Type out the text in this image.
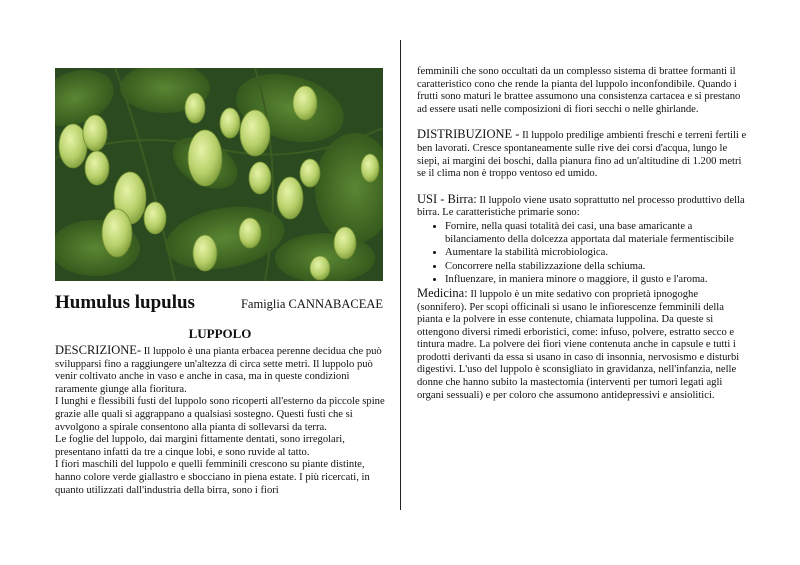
Humulus lupulus	Famiglia CANNABACEAE
LUPPOLO

DESCRIZIONE- Il luppolo è una pianta erbacea perenne decidua che può svilupparsi fino a raggiungere un'altezza di circa sette metri. Il luppolo può venir coltivato anche in vaso e anche in casa, ma in queste condizioni raramente giunge alla fioritura.

I lunghi e flessibili fusti del luppolo sono ricoperti all'esterno da piccole spine grazie alle quali si aggrappano a qualsiasi sostegno. Questi fusti che si avvolgono a spirale consentono alla pianta di sollevarsi da terra.

Le foglie del luppolo, dai margini fittamente dentati, sono irregolari, presentano infatti da tre a cinque lobi, e sono ruvide al tatto.

I fiori maschili del luppolo e quelli femminili crescono su piante distinte, hanno colore verde giallastro e sbocciano in piena estate. I più ricercati, in quanto utilizzati dall'industria della birra, sono i fiori

femminili che sono occultati da un complesso sistema di brattee formanti il caratteristico cono che rende la pianta del luppolo inconfondibile. Quando i frutti sono maturi le brattee assumono una consistenza cartacea e si prestano ad essere usati nelle composizioni di fiori secchi o nelle ghirlande.

DISTRIBUZIONE - Il luppolo predilige ambienti freschi e terreni fertili e ben lavorati. Cresce spontaneamente sulle rive dei corsi d'acqua, lungo le siepi, ai margini dei boschi, dalla pianura fino ad un'altitudine di 1.200 metri se il clima non è troppo ventoso ed umido.

USI - Birra: Il luppolo viene usato soprattutto nel processo produttivo della birra. Le caratteristiche primarie sono:

• Fornire, nella quasi totalità dei casi, una base amaricante a bilanciamento della dolcezza apportata dal materiale fermentiscibile
• Aumentare la stabilità microbiologica.
• Concorrere nella stabilizzazione della schiuma.
• Influenzare, in maniera minore o maggiore, il gusto e l'aroma.

Medicina: Il luppolo è un mite sedativo con proprietà ipnogoghe (sonnifero). Per scopi officinali si usano le infiorescenze femminili della pianta e la polvere in esse contenute, chiamata luppolina. Da queste si ottengono diversi rimedi erboristici, come: infuso, polvere, estratto secco e tintura madre. La polvere dei fiori viene contenuta anche in capsule e tutti i prodotti derivanti da essa si usano in caso di insonnia, nervosismo e disturbi digestivi. L'uso del luppolo è sconsigliato in gravidanza, nell'infanzia, nelle donne che hanno subito la mastectomia (interventi per tumori legati agli organi sessuali) e per coloro che assumono antidepressivi e ansiolitici.
